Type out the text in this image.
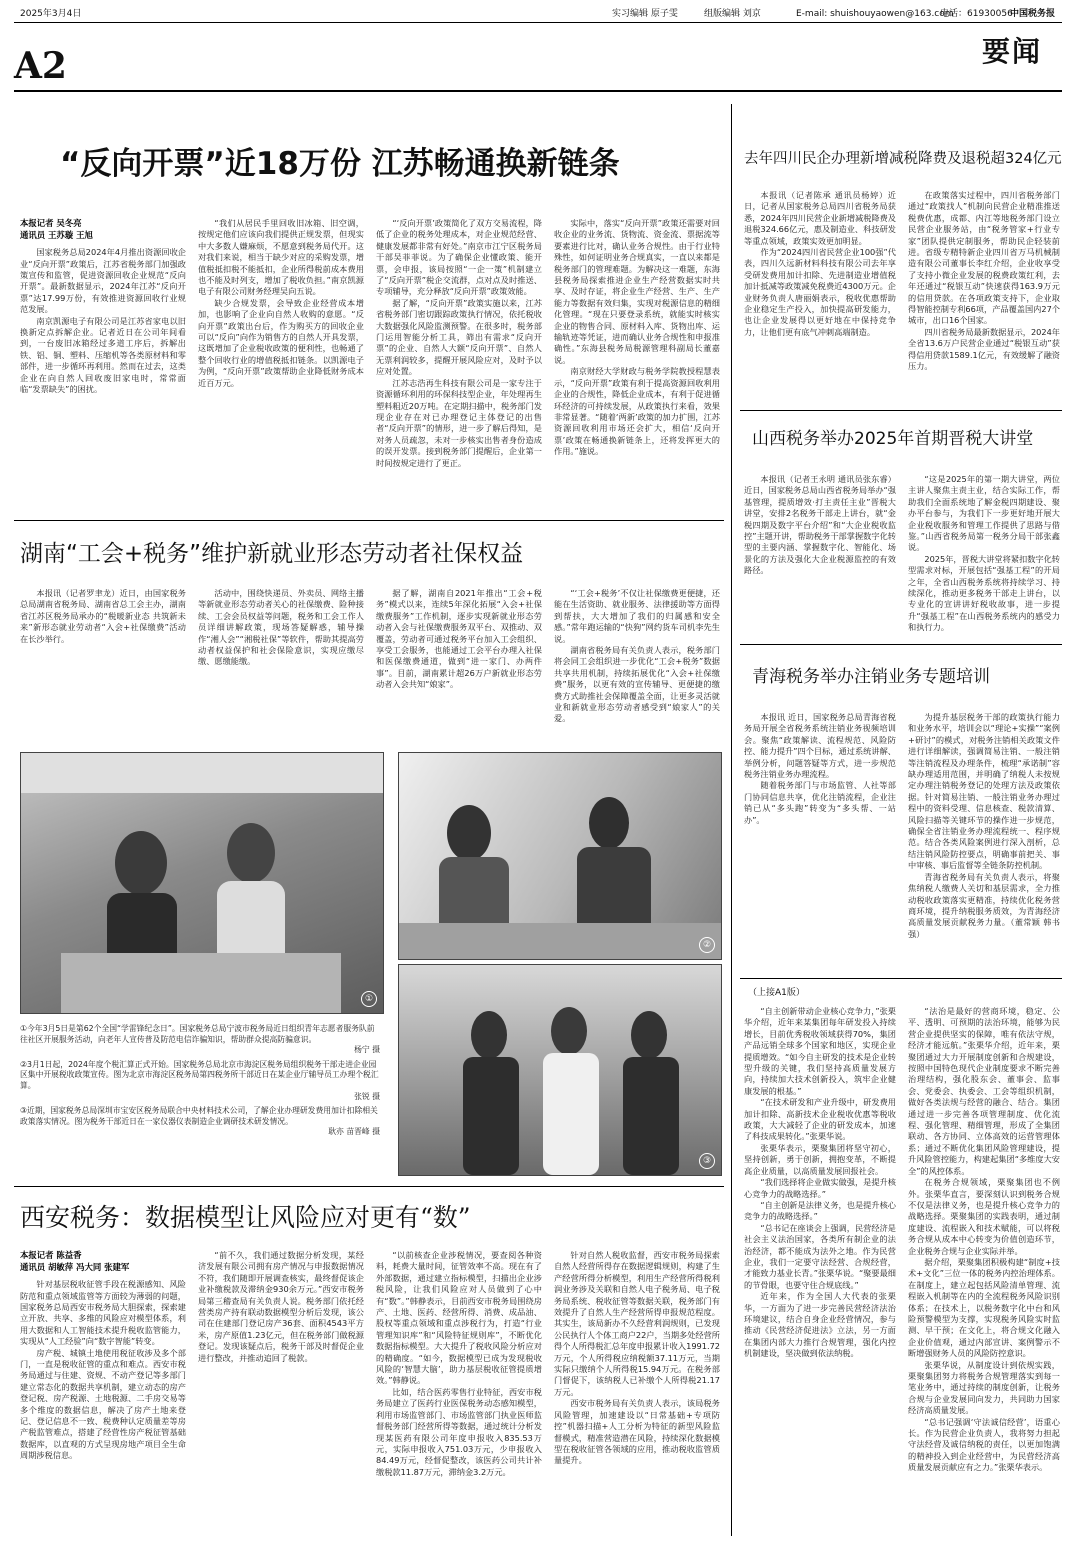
2025年3月4日	实习编辑 原子雯	组版编辑 刘京	E-mail: shuishouyaowen@163.com
电话：61930056
中国税务报
A2	要闻
“反向开票”近18万份 江苏畅通换新链条
本报记者 吴冬亮
通讯员 王苏璇 王旭

国家税务总局2024年4月推出资源回收企业“反向开票”政策后，江苏省税务部门加强政策宣传和监管，促进资源回收企业规范“反向开票”。最新数据显示，2024年江苏“反向开票”达17.99万份，有效推进资源回收行业规范发展。

南京凯源电子有限公司是江苏省家电以旧换新定点拆解企业。记者近日在公司年间看到，一台废旧冰箱经过多道工序后，拆解出铁、铝、铜、塑料、压缩机等各类原材料和零部件，进一步循环再利用。然而在过去，这类企业在向自然人回收废旧家电时，常常面临“发票缺失”的困扰。

“我们从居民手里回收旧冰箱、旧空调，按规定他们应该向我们提供正规发票，但现实中大多数人嫌麻烦，不愿意到税务局代开。这对我们来说，相当于缺少对应的采购发票，增值税抵扣税不能抵扣，企业所得税前成本费用也不能及时列支，增加了税收负担。”南京凯源电子有限公司财务经理吴向五说。

缺少合规发票，会导致企业经营成本增加，也影响了企业向自然人收购的意愿。“反向开票”政策出台后，作为购买方的回收企业可以“反向”向作为销售方的自然人开具发票，这既增加了企业税收政策的便利性，也畅通了整个回收行业的增值税抵扣链条。以凯源电子为例，“反向开票”政策帮助企业降低财务成本近百万元。

“‘反向开票’政策简化了双方交易流程，降低了企业的税务处理成本，对企业规范经营、健康发展都非常有好处。”南京市江宁区税务局干部吴菲菲说。为了确保企业懂政策、能开票，会申报，该局按照“一企一策”机制建立了“反向开票”税企交流群，点对点及时推送、专项辅导，充分释放“反向开票”政策效能。

据了解，“反向开票”政策实施以来，江苏省税务部门密切跟踪政策执行情况，依托税收大数据强化风险监测预警。在很多时，税务部门运用智能分析工具，筛出有需求“反向开票”的企业、自然人大额“反向开票”、自然人无票利润较多，提醒开展风险应对，及时予以应对处置。

江苏志浩再生科技有限公司是一家专注于资源循环利用的环保科技型企业，年处理再生塑料粗近20万吨。在定期扫描中，税务部门发现企业存在对已办理登记主体登记的出售者“反向开票”的情形，进一步了解后得知，是对务人员疏忽，未对一步核实出售者身份造成的误开发票。接到税务部门提醒后，企业第一时间按规定进行了更正。

实际中，落实“反向开票”政策还需要对回收企业的业务流、货物流、资金流、票据流等要素进行比对，确认业务合规性。由于行业特殊性，如何证明业务合规真实，一直以来都是税务部门的管理难题。为解决这一难题，东海县税务局探索推进企业生产经营数据实时共享、及时存证，将企业生产经营、生产、生产能力等数据有效归集，实现对税源信息的精细化管理。“现在只要登录系统，就能实时核实企业的物售合同、原材料入库、货物出库、运输轨迹等凭证，进而确认业务合规性和申报准确性。”东海县税务局税源管理科副局长董嘉说。

南京财经大学财政与税务学院教授程慧表示，“反向开票”政策有利于提高资源回收利用企业的合规性，降低企业成本，有利于促进循环经济的可持续发展，从政策执行来看，效果非常显著。“随着‘两新’政策的加力扩围，江苏资源回收利用市场还会扩大，相信‘反向开票’政策在畅通换新链条上，还将发挥更大的作用。”施说。

湖南“工会+税务”维护新就业形态劳动者社保权益

本报讯（记者罗聿龙）近日，由国家税务总局湖南省税务局、湖南省总工会主办，湖南省江苏区税务局承办的“税暖新业态 共筑新未来”新形态就业劳动者“入会+社保缴费”活动在长沙举行。

活动中，围绕快递员、外卖员、网络主播等新就业形态劳动者关心的社保缴费、险种接续、工会会员权益等问题，税务和工会工作人员详细讲解政策，现场答疑解惑，辅导操作“湘人会”“湘税社保”等软件，帮助其提高劳动者权益保护和社会保险意识，实现应缴尽缴、愿缴能缴。

据了解，湖南自2021年推出“工会+税务”模式以来，连续5年深化拓展“入会+社保缴费服务”工作机制，逐步实现新就业形态劳动者入会与社保缴费服务双平台、双推动、双覆盖，劳动者可通过税务平台加入工会组织、享受工会服务，也能通过工会平台办理入社保和医保缴费通道，做到“进一家门、办两件事”。目前，湖南累计超26万户新就业形态劳动者入会共知“娘家”。

“‘工会+税务’不仅让社保缴费更便捷，还能在生活资助、就业服务、法律援助等方面得到帮扶，大大增加了我们的归属感和安全感。”常年跑运输的“快狗”网约货车司机李先生说。

湖南省税务局有关负责人表示，税务部门将会同工会组织进一步优化“工会+税务”数据共享共用机制，持续拓展优化“入会+社保缴费”服务，以更有效的宣传辅导、更便捷的缴费方式助推社会保障覆盖全面，让更多灵活就业和新就业形态劳动者感受到“娘家人”的关爱。

①
②
③

①今年3月5日是第62个全国“学雷锋纪念日”。国家税务总局宁波市税务局近日组织青年志愿者服务队前往社区开展服务活动，向老年人宣传普及防范电信诈骗知识，帮助群众提高防骗意识。
杨宁 摄

②3月1日起，2024年度个税汇算正式开始。国家税务总局北京市海淀区税务局组织税务干部走进企业园区集中开展税收政策宣传。图为北京市海淀区税务局第四税务所干部近日在某企业厅辅导员工办理个税汇算。
张锐 摄

③近期，国家税务总局深圳市宝安区税务局联合中央材料技术公司，了解企业办理研发费用加计扣除相关政策落实情况。图为税务干部近日在一家仪器仪表制造企业调研技术研发情况。
耿亦 苗晋峰 摄

西安税务：数据模型让风险应对更有“数”
本报记者 陈益香
通讯员 胡敏萍 冯大同 张建军

针对基层税收征管手段在税源感知、风险防范和重点领域监管等方面较为薄弱的问题，国家税务总局西安市税务局大胆探索，探索建立开放、共享、多维的风险应对模型体系，利用大数据和人工智能技术提升税收监管能力，实现从“人工经验”向“数字智能”转变。

房产税、城镇土地使用税征收涉及多个部门，一直是税收征管的重点和难点。西安市税务局通过与住建、资规、不动产登记等多部门建立常态化的数据共享机制，建立动态的房产登记税、房产税源、土地税源、二手房交易等多个维度的数据信息，解决了房产土地来登记、登记信息不一致、税费种认定质量差等房产税监管难点，搭建了经营性房产税征管基础数据库，以直观的方式呈现房地产项目全生命周期涉税信息。

“前不久，我们通过数据分析发现，某经济发展有限公司拥有房产情况与申报数据情况不符，我们随即开展调查核实，最终督促该企业补缴税款及滞纳金930余万元。”西安市税务局第三稽查局有关负责人说。税务部门依托经营类房产持有联动数据模型分析后发现，该公司在住建部门登记房产36套、面积4543平方米，房产原值1.23亿元，但在税务部门做税源登记。发现该疑点后，税务干部及时督促企业进行整改，并推动追回了税款。

“以前核查企业涉税情况，要查阅各种资料，耗费大量时间，征管效率不高。现在有了外部数据，通过建立指标模型，扫描出企业涉税风险，让我们风险应对人员做到了心中有“数”。”韩静表示，目前西安市税务局围绕房产、土地、医药、经营所得、消费、成品油、股权等重点领域和重点涉税行为，打造“行业管理知识库”和“风险特征规则库”，不断优化数据指标模型。大大提升了税收风险分析应对的精确度。“如今，数据模型已成为发现税收风险的‘智慧大脑’，助力基层税收征管提质增效。”韩静说。

比如，结合医药零售行业特征，西安市税务局建立了医药行业医保税务动态感知模型，利用市场监管部门、市场监管部门执业医师监督税务部门经营所得等数据，通过统计分析发现某医药有限公司年度申报收入835.53万元，实际申报收入751.03万元，少申报收入84.49万元，经督促整改，该医药公司共计补缴税款11.87万元，滞纳金3.2万元。

针对自然人税收监督，西安市税务局探索自然人经营所得存在数据逻辑规则，构建了生产经营所得分析模型，利用生产经营所得税利润业务涉及关联和自然人电子税务局、电子税务局系统、税收征管等数据关联，税务部门有效提升了自然人生产经营所得申报规范程度。其实生，该局新办不久经营利润规则，已发现公民执行人个体工商户22户，当期多处经营所得个人所得税汇总年度申报累计收入1991.72万元，个人所得税应纳税额37.11万元，当期实际只缴纳个人所得税15.94万元。在税务部门督促下，该纳税人已补缴个人所得税21.17万元。

西安市税务局有关负责人表示，该局税务风险管理，加速建设以“日常基础+专项防控”机器扫描+人工分析为特征的新型风险监督模式，精准营造潜在风险，持续深化数据模型在税收征管各领域的应用，推动税收监管质量提升。

去年四川民企办理新增减税降费及退税超324亿元

本报讯（记者陈承 通讯员杨婷）近日，记者从国家税务总局四川省税务局获悉，2024年四川民营企业新增减税降费及退税324.66亿元，惠及制造业、科技研发等重点领域，政策实效更加明显。

作为“2024四川省民营企业100强”代表，四川久远新材料科技有限公司去年享受研发费用加计扣除、先进制造业增值税加计抵减等政策减免税费近4300万元。企业财务负责人唐丽娟表示，税收优惠帮助企业稳定生产投入，加快提高研发能力，也让企业发展得以更好地在中保持竞争力，让他们更有底气冲刺高端制造。

在政策落实过程中，四川省税务部门通过“政策找人”机制向民营企业精准推送税费优惠，成都、内江等地税务部门设立民营企业服务站，由“税务管家+行业专家”团队提供定制服务，帮助民企轻装前进。省级专精特新企业四川省万马机械制造有限公司董事长李红介绍，企业收享受了支持小微企业发展的税费政策红利，去年还通过“税银互动”快速获得163.9万元的信用贷款。在各项政策支持下，企业取得智能控制专利66项，产品覆盖国内27个城市，出口16个国家。

四川省税务局最新数据显示，2024年全省13.6万户民营企业通过“税银互动”获得信用贷款1589.1亿元，有效缓解了融资压力。

山西税务举办2025年首期晋税大讲堂

本报讯（记者王永明 通讯员张东睿）近日，国家税务总局山西省税务局举办“强基管理，提质增效·打主责任主业”晋税大讲堂，安排2名税务干部走上讲台，就“金税四期及数字平台介绍”和“大企业税收监控”主题开讲，帮助税务干部掌握数字化转型的主要内涵、掌握数字化、智能化、场景化的方法及强化大企业税源监控的有效路径。

“这是2025年的第一期大讲堂，两位主讲人聚焦主责主业，结合实际工作，帮助我们全面系统地了解金税四期建设、聚办平台参与，为我们下一步更好地开展大企业税收服务和管理工作提供了思路与借鉴。”山西省税务局第一税务分局干部张鑫说。

2025年，晋税大讲堂将紧扣数字化转型需求对标，开展包括“强基工程”的开局之年，全省山西税务系统将持续学习、持续深化，推动更多税务干部走上讲台，以专业化的宣讲讲好税收故事，进一步提升“强基工程”在山西税务系统内的感受力和执行力。

青海税务举办注销业务专题培训

本报讯 近日，国家税务总局青海省税务局开展全省税务系统注销业务视频培训会。聚焦“政策解读、流程规范、风险防控、能力提升”四个目标，通过系统讲解、举例分析，问题答疑等方式，进一步规范税务注销业务办理流程。

随着税务部门与市场监管、人社等部门协同信息共享，优化注销流程，企业注销已从“多头跑”转变为“多头帮、一站办”。

为提升基层税务干部的政策执行能力和业务水平，培训会以“理论+实操”“案例+研讨”的模式，对税务注销相关政策文件进行详细解读，强调简易注销、一般注销等注销流程及办理条件，梳理“承诺制”容缺办理适用范围，并明确了纳税人未按规定办理注销税务登记的处理方法及政策依据。针对简易注销、一般注销业务办理过程中的资料受理、信息核查、税款清算、风险扫描等关键环节的操作进一步规范，确保全省注销业务办理流程统一、程序规范。结合各类风险案例进行深入剖析，总结注销风险防控要点，明确事前把关、事中审核、事后监督等全链条防控机制。

青海省税务局有关负责人表示，将聚焦纳税人缴费人关切和基层需求，全力推动税收政策落实更精准，持续优化税务营商环境，提升纳税服务质效，为青海经济高质量发展贡献税务力量。（董常颖 韩书强）

（上接A1版）

“自主创新带动企业核心竞争力，”张栗华介绍，近年来某集团每年研发投入持续增长，目前优秀税收领域获得70%，集团产品远销全球多个国家和地区，实现企业提质增效。“如今自主研发的技术是企业转型升级的关键，我们坚持高质量发展方向，持续加大技术创新投入，筑牢企业健康发展的根基。”

“在技术研发和产业升级中，研发费用加计扣除、高新技术企业税收优惠等税收政策，大大减轻了企业的研发成本，加速了科技成果转化。”张栗华说。

张栗华表示，栗聚集团将坚守初心，坚持创新，勇于创新，拥抱变革，不断提高企业质量，以高质量发展回报社会。

“我们选择将企业做实做强，是提升核心竞争力的战略选择。”

“自主创新是法律义务，也是提升核心竞争力的战略选择。”

“总书记在座谈会上强调，民营经济是社会主义法治国家，各类所有制企业的法治经济，都不能成为法外之地。作为民营企业，我们一定要守法经营、合规经营，才能致力基业长青。”张栗华说。“聚要最细的节骨眼，也要守住合规底线。”

近年来，作为全国人大代表的张栗华，一方面为了进一步完善民营经济法治环境建议，结合自身企业经营情况，参与推动《民营经济促进法》立法，另一方面在集团内部大力推行合规管理，强化内控机制建设，坚决做到依法纳税。

“法治是最好的营商环境，稳定、公平、透明、可预期的法治环境，能够为民营企业提供坚实的保障，唯有依法守规，经济才能远航。”张栗华介绍，近年来，栗聚团通过大力开展制度创新和合规建设，按照中国特色现代企业制度要求不断完善治理结构，强化股东会、董事会、监事会、党委会、执委会、工会等组织机制，做好各类法规与经营的融合、结合。集团通过进一步完善各项管理制度、优化流程、强化管理、精细管理，形成了全集团联动、各方协同、立体高效的运营管理体系；通过不断优化集团风险管理建设，提升风险管控能力，构建起集团“多维度大安全”的风控体系。

在税务合规领域，栗聚集团也不例外。张栗华直言，要深刻认识到税务合规不仅是法律义务，也是提升核心竞争力的战略选择。栗聚集团的实践表明，通过制度建设、流程嵌入和技术赋能，可以将税务合规从成本中心转变为价值创造环节，企业税务合规与企业实际并举。

据介绍，栗聚集团积极构建“制度+技术+文化”三位一体的税务内控治理体系。在制度上，建立起包括风险清单管理、流程嵌入机制等在内的全流程税务风险识别体系；在技术上，以税务数字化中台和风险预警模型为支撑，实现税务风险实时监测、早干预；在文化上，将合规文化融入企业价值观，通过内部宣讲、案例警示不断增强财务人员的风险防控意识。

张栗华说，从制度设计到依规实践，栗聚集团努力将税务合规管理落实到每一笔业务中，通过持续的制度创新，让税务合规与企业发展同向发力，共同助力国家经济高质量发展。

“总书记强调‘守法诚信经营’，语重心长。作为民营企业负责人，我将努力担起守法经营及诚信纳税的责任，以更加饱满的精神投入到企业经营中，为民营经济高质量发展贡献应有之力。”张栗华表示。
